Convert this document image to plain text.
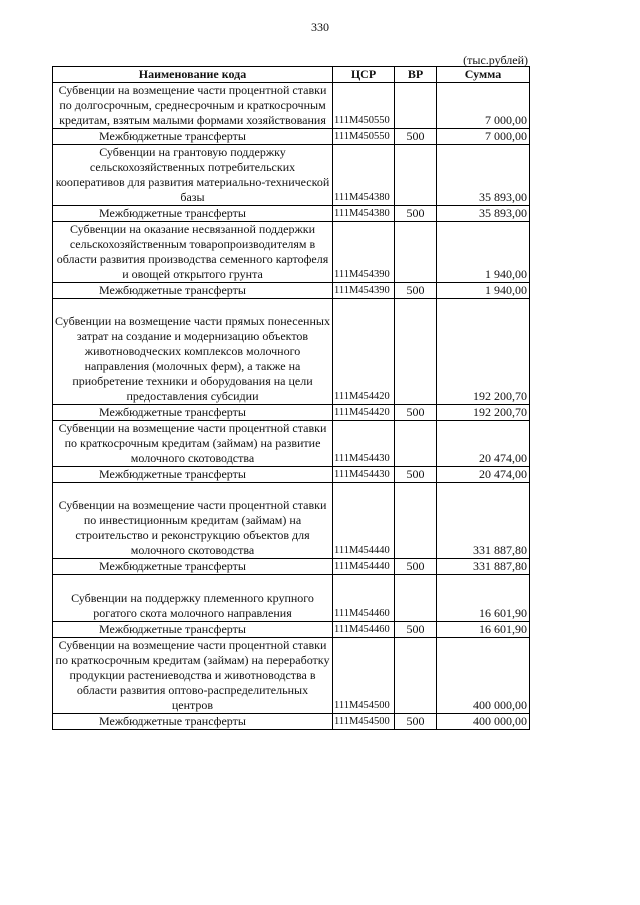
330
(тыс.рублей)
Наименование кода	ЦСР	ВР	Сумма
Субвенции на возмещение части процентной ставки по долгосрочным, среднесрочным и краткосрочным кредитам, взятым малыми формами хозяйствования	111M450550		7 000,00
Межбюджетные трансферты	111M450550	500	7 000,00
Субвенции на грантовую поддержку сельскохозяйственных потребительских кооперативов для развития материально-технической базы	111M454380		35 893,00
Межбюджетные трансферты	111M454380	500	35 893,00
Субвенции на оказание несвязанной поддержки сельскохозяйственным товаропроизводителям в области развития производства семенного картофеля и овощей открытого грунта	111M454390		1 940,00
Межбюджетные трансферты	111M454390	500	1 940,00
Субвенции на возмещение части прямых понесенных затрат на создание и модернизацию объектов животноводческих комплексов молочного направления (молочных ферм), а также на приобретение техники и оборудования на цели предоставления субсидии	111M454420		192 200,70
Межбюджетные трансферты	111M454420	500	192 200,70
Субвенции на возмещение части процентной ставки по краткосрочным кредитам (займам) на развитие молочного скотоводства	111M454430		20 474,00
Межбюджетные трансферты	111M454430	500	20 474,00
Субвенции на возмещение части процентной ставки по инвестиционным кредитам (займам) на строительство и реконструкцию объектов для молочного скотоводства	111M454440		331 887,80
Межбюджетные трансферты	111M454440	500	331 887,80
Субвенции на поддержку племенного крупного рогатого скота молочного направления	111M454460		16 601,90
Межбюджетные трансферты	111M454460	500	16 601,90
Субвенции на возмещение части процентной ставки по краткосрочным кредитам (займам) на переработку продукции растениеводства и животноводства в области развития оптово-распределительных центров	111M454500		400 000,00
Межбюджетные трансферты	111M454500	500	400 000,00
